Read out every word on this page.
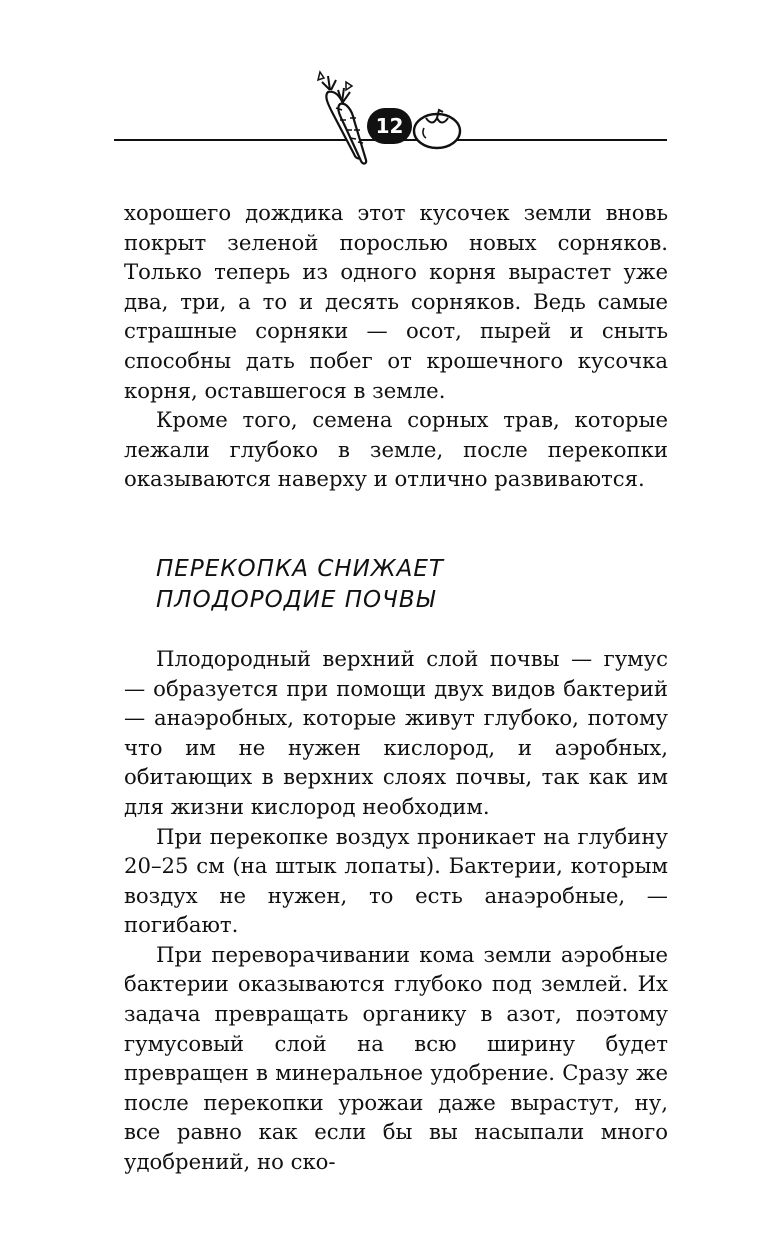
12

хорошего дождика этот кусочек земли вновь покрыт зеленой порослью новых сорняков. Только теперь из одного корня вырастет уже два, три, а то и десять сорняков. Ведь самые страшные сорняки — осот, пырей и сныть способны дать побег от крошечного кусочка корня, оставшегося в земле.

Кроме того, семена сорных трав, которые лежали глубоко в земле, после перекопки оказываются наверху и отлично развиваются.

ПЕРЕКОПКА СНИЖАЕТ
ПЛОДОРОДИЕ ПОЧВЫ

Плодородный верхний слой почвы — гумус — образуется при помощи двух видов бактерий — анаэробных, которые живут глубоко, потому что им не нужен кислород, и аэробных, обитающих в верхних слоях почвы, так как им для жизни кислород необходим.

При перекопке воздух проникает на глубину 20–25 см (на штык лопаты). Бактерии, которым воздух не нужен, то есть анаэробные, — погибают.

При переворачивании кома земли аэробные бактерии оказываются глубоко под землей. Их задача превращать органику в азот, поэтому гумусовый слой на всю ширину будет превращен в минеральное удобрение. Сразу же после перекопки урожаи даже вырастут, ну, все равно как если бы вы насыпали много удобрений, но ско-
